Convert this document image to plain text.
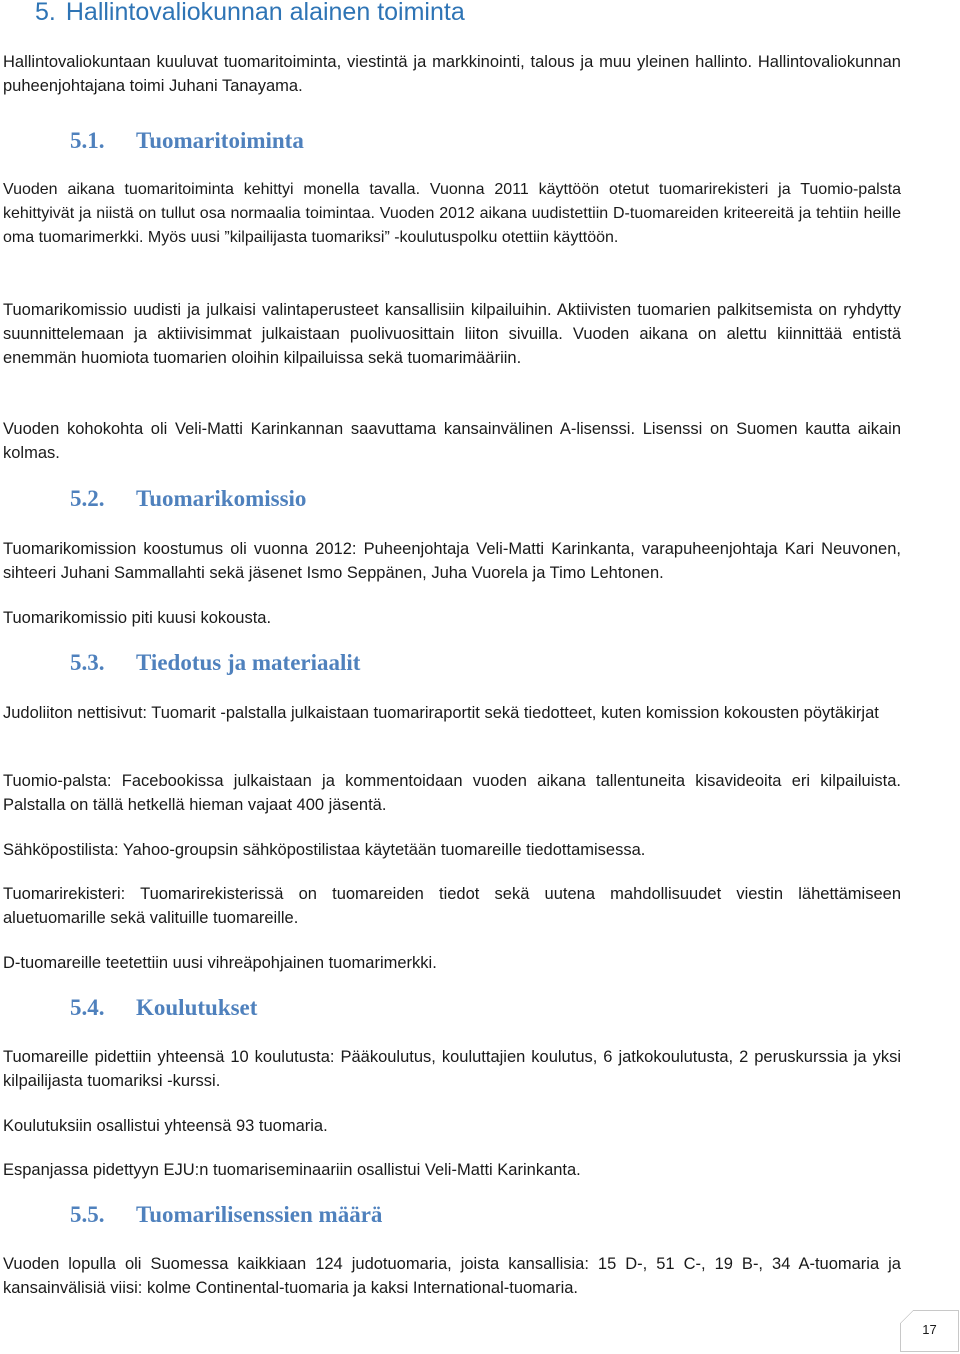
5. Hallintovaliokunnan alainen toiminta

Hallintovaliokuntaan kuuluvat tuomaritoiminta, viestintä ja markkinointi, talous ja muu yleinen hallinto. Hallintovaliokunnan puheenjohtajana toimi Juhani Tanayama.

5.1. Tuomaritoiminta

Vuoden aikana tuomaritoiminta kehittyi monella tavalla. Vuonna 2011 käyttöön otetut tuomarirekisteri ja Tuomio-palsta kehittyivät ja niistä on tullut osa normaalia toimintaa. Vuoden 2012 aikana uudistettiin D-tuomareiden kriteereitä ja tehtiin heille oma tuomarimerkki. Myös uusi ”kilpailijasta tuomariksi” -koulutuspolku otettiin käyttöön.

Tuomarikomissio uudisti ja julkaisi valintaperusteet kansallisiin kilpailuihin. Aktiivisten tuomarien palkitsemista on ryhdytty suunnittelemaan ja aktiivisimmat julkaistaan puolivuosittain liiton sivuilla. Vuoden aikana on alettu kiinnittää entistä enemmän huomiota tuomarien oloihin kilpailuissa sekä tuomarimääriin.

Vuoden kohokohta oli Veli-Matti Karinkannan saavuttama kansainvälinen A-lisenssi. Lisenssi on Suomen kautta aikain kolmas.

5.2. Tuomarikomissio

Tuomarikomission koostumus oli vuonna 2012: Puheenjohtaja Veli-Matti Karinkanta, varapuheenjohtaja Kari Neuvonen, sihteeri Juhani Sammallahti sekä jäsenet Ismo Seppänen, Juha Vuorela ja Timo Lehtonen.

Tuomarikomissio piti kuusi kokousta.

5.3. Tiedotus ja materiaalit

Judoliiton nettisivut: Tuomarit -palstalla julkaistaan tuomariraportit sekä tiedotteet, kuten komission kokousten pöytäkirjat

Tuomio-palsta: Facebookissa julkaistaan ja kommentoidaan vuoden aikana tallentuneita kisavideoita eri kilpailuista. Palstalla on tällä hetkellä hieman vajaat 400 jäsentä.

Sähköpostilista: Yahoo-groupsin sähköpostilistaa käytetään tuomareille tiedottamisessa.

Tuomarirekisteri: Tuomarirekisterissä on tuomareiden tiedot sekä uutena mahdollisuudet viestin lähettämiseen aluetuomarille sekä valituille tuomareille.

D-tuomareille teetettiin uusi vihreäpohjainen tuomarimerkki.

5.4. Koulutukset

Tuomareille pidettiin yhteensä 10 koulutusta: Pääkoulutus, kouluttajien koulutus, 6 jatkokoulutusta, 2 peruskurssia ja yksi kilpailijasta tuomariksi -kurssi.

Koulutuksiin osallistui yhteensä 93 tuomaria.

Espanjassa pidettyyn EJU:n tuomariseminaariin osallistui Veli-Matti Karinkanta.

5.5. Tuomarilisenssien määrä

Vuoden lopulla oli Suomessa kaikkiaan 124 judotuomaria, joista kansallisia: 15 D-, 51 C-, 19 B-, 34 A-tuomaria ja kansainvälisiä viisi: kolme Continental-tuomaria ja kaksi International-tuomaria.

17
